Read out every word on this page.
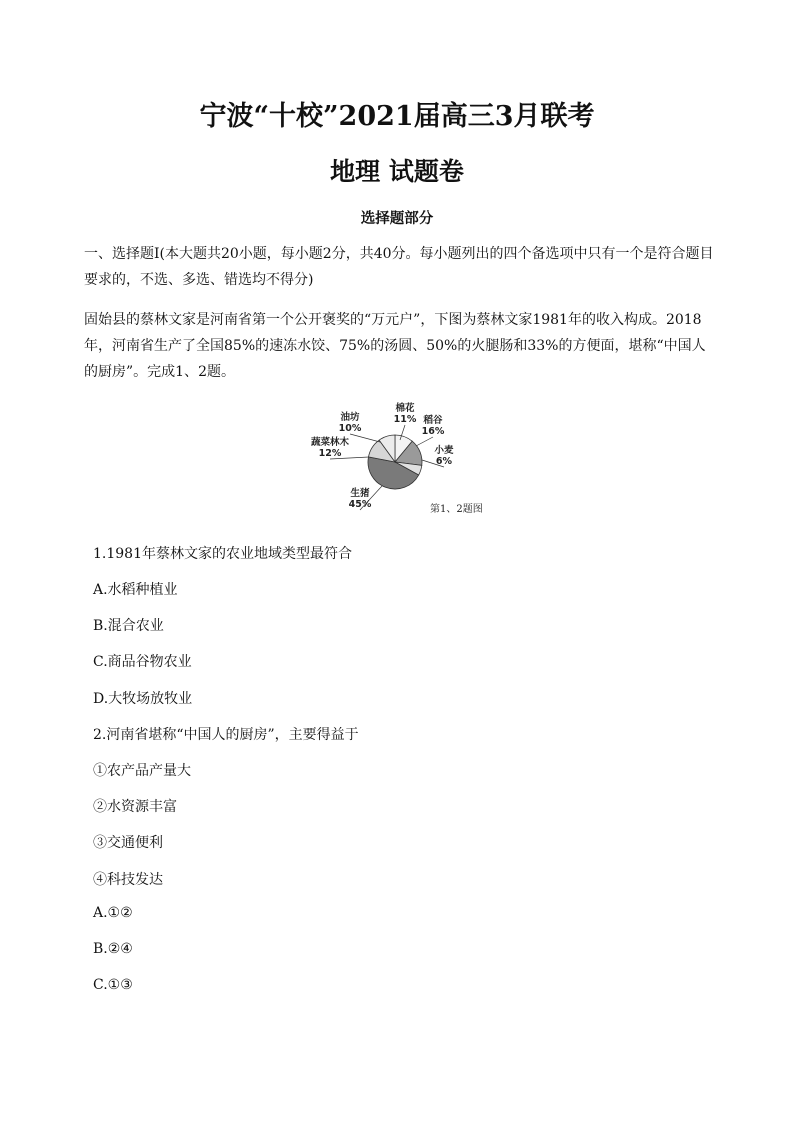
宁波“十校”2021届高三3月联考
地理 试题卷
选择题部分

一、选择题Ⅰ(本大题共20小题，每小题2分，共40分。每小题列出的四个备选项中只有一个是符合题目要求的，不选、多选、错选均不得分)

固始县的蔡林文家是河南省第一个公开褒奖的“万元户”，下图为蔡林文家1981年的收入构成。2018年，河南省生产了全国85%的速冻水饺、75%的汤圆、50%的火腿肠和33%的方便面，堪称“中国人的厨房”。完成1、2题。

棉花
11% 稻谷
16%
小麦
6%
生猪
45%
蔬菜林木
12%
油坊
10%
第1、2题图

1.1981年蔡林文家的农业地域类型最符合

A.水稻种植业

B.混合农业

C.商品谷物农业

D.大牧场放牧业

2.河南省堪称“中国人的厨房”，主要得益于

①农产品产量大

②水资源丰富

③交通便利

④科技发达

A.①②

B.②④

C.①③
